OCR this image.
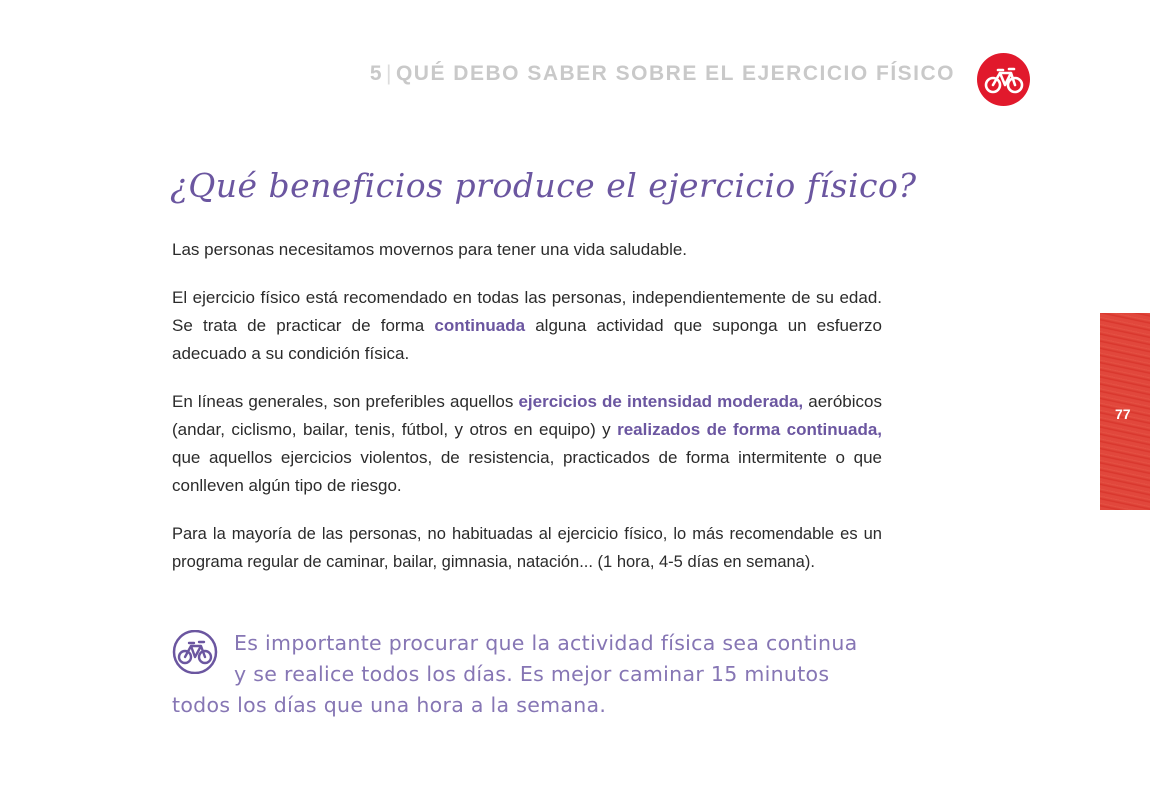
5 | QUÉ DEBO SABER SOBRE EL EJERCICIO FÍSICO
77
¿Qué beneficios produce el ejercicio físico?

Las personas necesitamos movernos para tener una vida saludable.

El ejercicio físico está recomendado en todas las personas, independientemente de su edad. Se trata de practicar de forma continuada alguna actividad que suponga un esfuerzo adecuado a su condición física.

En líneas generales, son preferibles aquellos ejercicios de intensidad moderada, aeróbicos (andar, ciclismo, bailar, tenis, fútbol, y otros en equipo) y realizados de forma continuada, que aquellos ejercicios violentos, de resistencia, practicados de forma intermitente o que conlleven algún tipo de riesgo.

Para la mayoría de las personas, no habituadas al ejercicio físico, lo más recomendable es un programa regular de caminar, bailar, gimnasia, natación... (1 hora, 4-5 días en semana).

Es importante procurar que la actividad física sea continua
y se realice todos los días. Es mejor caminar 15 minutos
todos los días que una hora a la semana.
